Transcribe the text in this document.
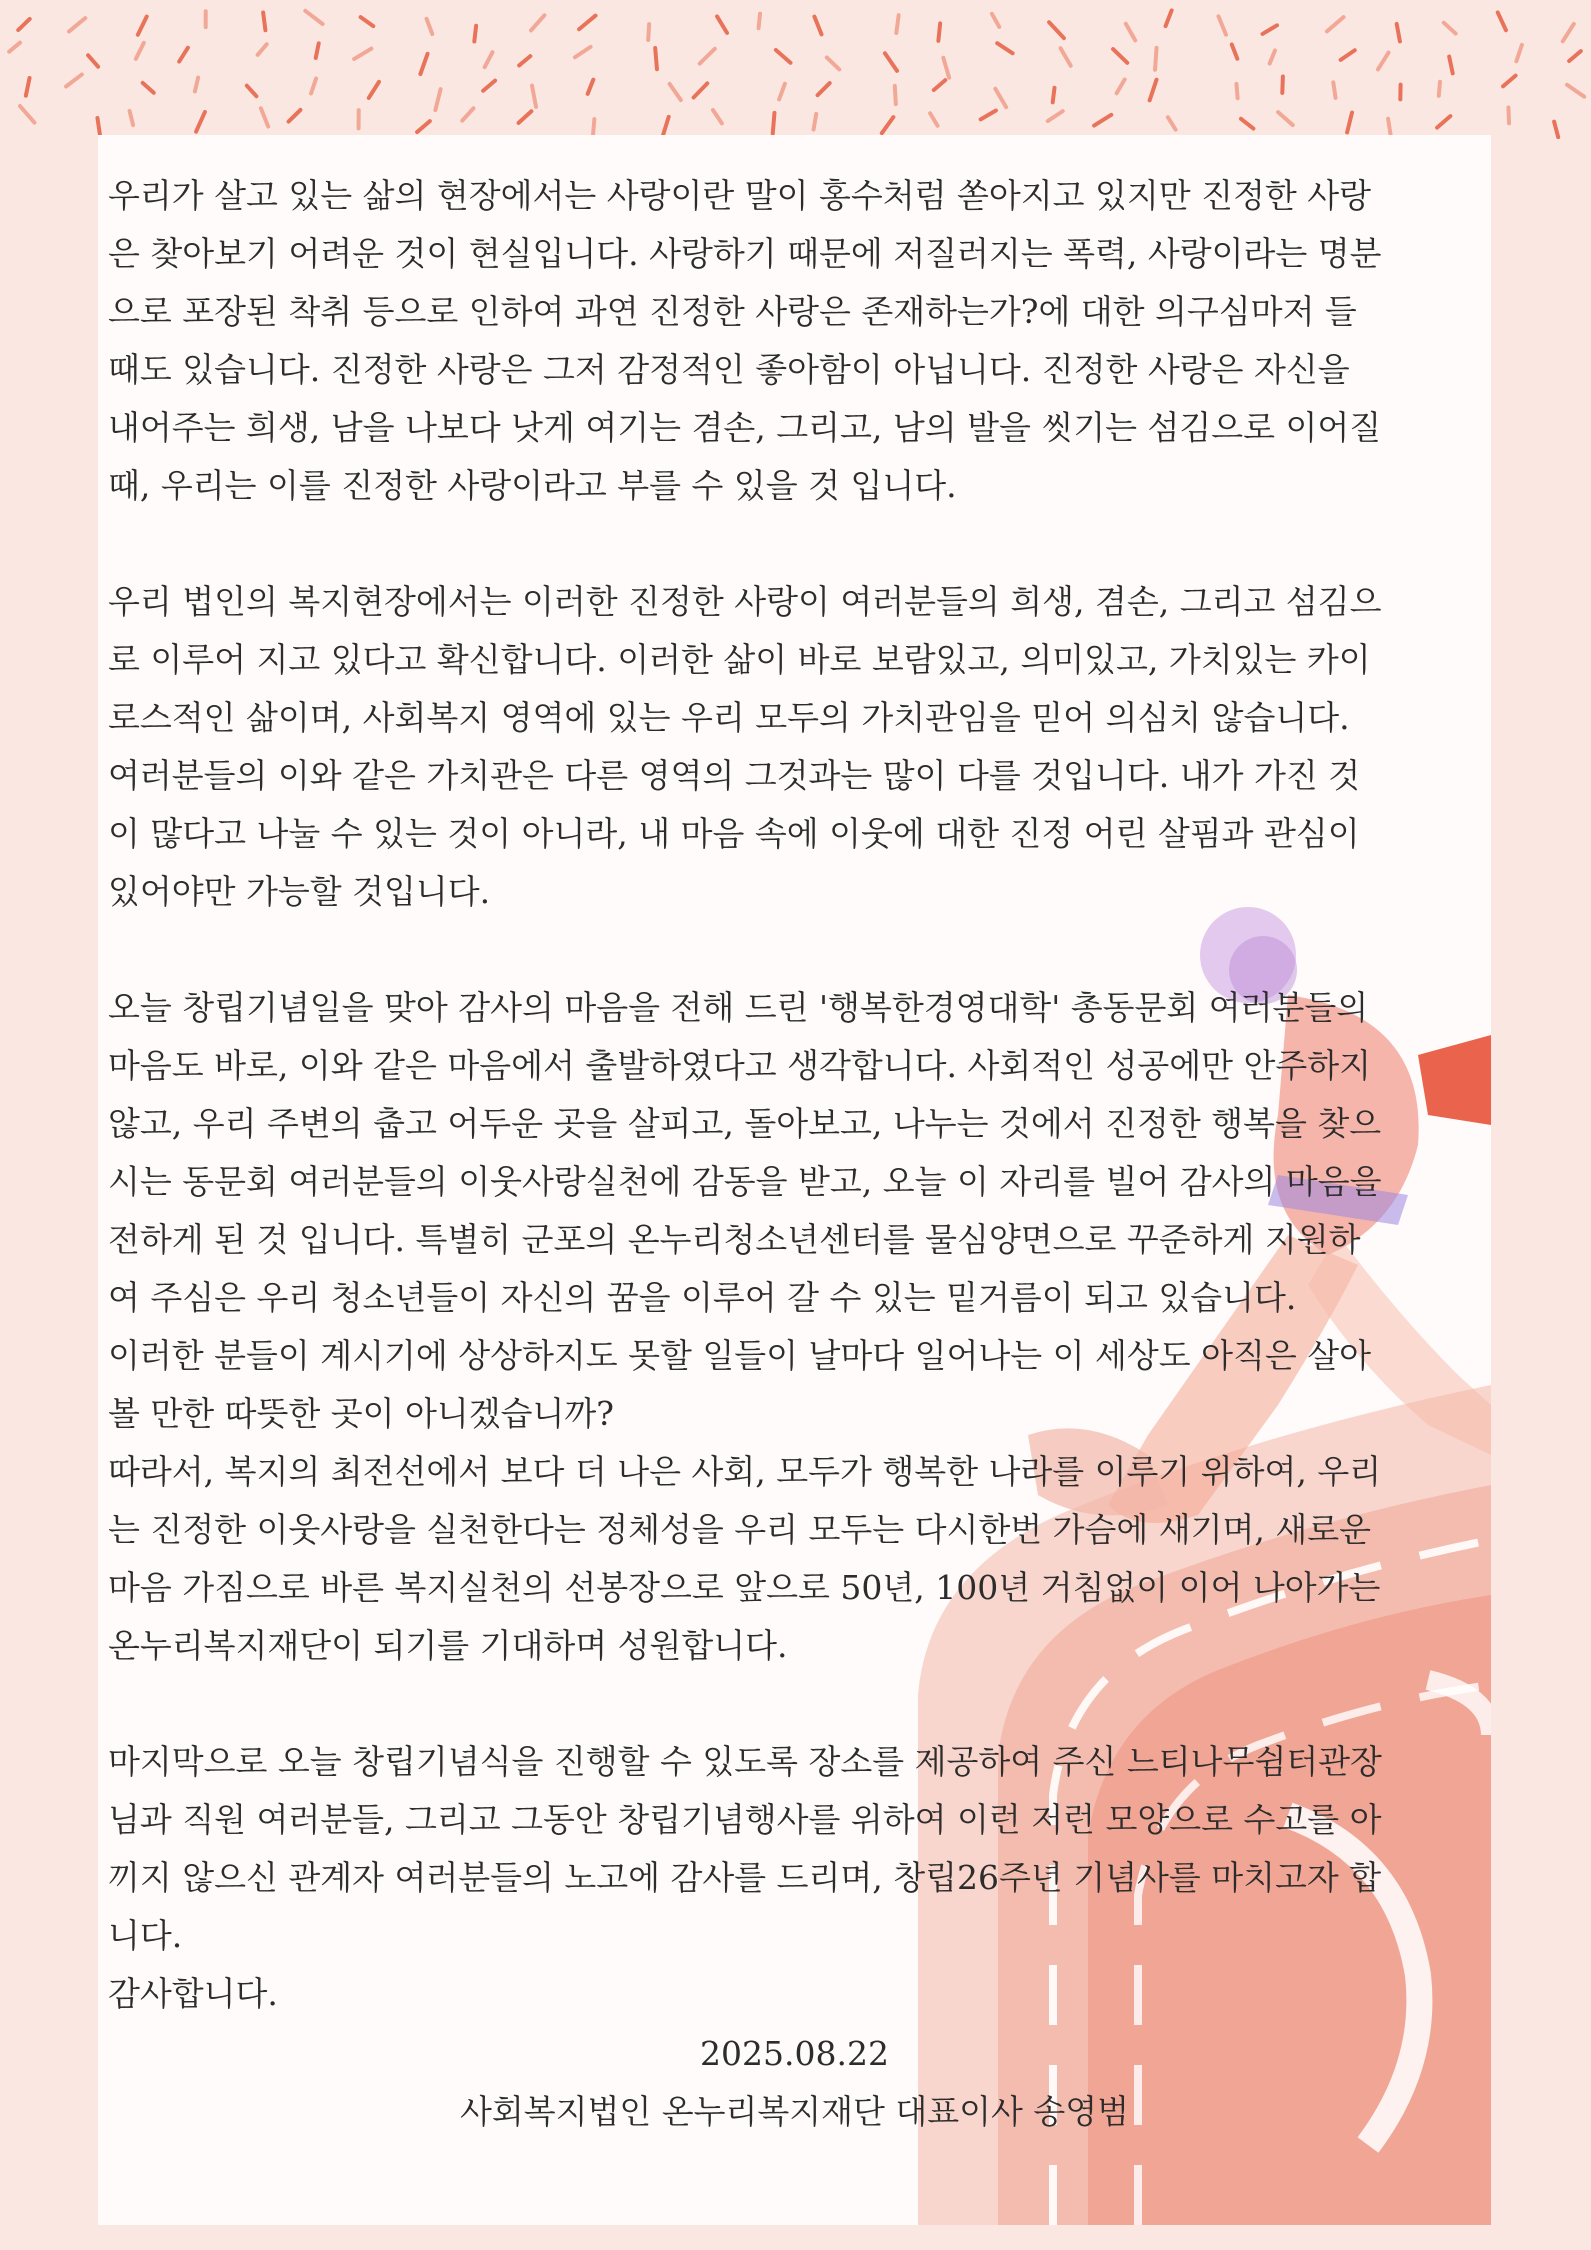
우리가 살고 있는 삶의 현장에서는 사랑이란 말이 홍수처럼 쏟아지고 있지만 진정한 사랑
은 찾아보기 어려운 것이 현실입니다. 사랑하기 때문에 저질러지는 폭력, 사랑이라는 명분
으로 포장된 착취 등으로 인하여 과연 진정한 사랑은 존재하는가?에 대한 의구심마저 들
때도 있습니다. 진정한 사랑은 그저 감정적인 좋아함이 아닙니다. 진정한 사랑은 자신을
내어주는 희생, 남을 나보다 낫게 여기는 겸손, 그리고, 남의 발을 씻기는 섬김으로 이어질
때, 우리는 이를 진정한 사랑이라고 부를 수 있을 것 입니다.

우리 법인의 복지현장에서는 이러한 진정한 사랑이 여러분들의 희생, 겸손, 그리고 섬김으
로 이루어 지고 있다고 확신합니다. 이러한 삶이 바로 보람있고, 의미있고, 가치있는 카이
로스적인 삶이며, 사회복지 영역에 있는 우리 모두의 가치관임을 믿어 의심치 않습니다.
여러분들의 이와 같은 가치관은 다른 영역의 그것과는 많이 다를 것입니다. 내가 가진 것
이 많다고 나눌 수 있는 것이 아니라, 내 마음 속에 이웃에 대한 진정 어린 살핌과 관심이
있어야만 가능할 것입니다.

오늘 창립기념일을 맞아 감사의 마음을 전해 드린 '행복한경영대학' 총동문회 여러분들의
마음도 바로, 이와 같은 마음에서 출발하였다고 생각합니다. 사회적인 성공에만 안주하지
않고, 우리 주변의 춥고 어두운 곳을 살피고, 돌아보고, 나누는 것에서 진정한 행복을 찾으
시는 동문회 여러분들의 이웃사랑실천에 감동을 받고, 오늘 이 자리를 빌어 감사의 마음을
전하게 된 것 입니다. 특별히 군포의 온누리청소년센터를 물심양면으로 꾸준하게 지원하
여 주심은 우리 청소년들이 자신의 꿈을 이루어 갈 수 있는 밑거름이 되고 있습니다.
이러한 분들이 계시기에 상상하지도 못할 일들이 날마다 일어나는 이 세상도 아직은 살아
볼 만한 따뜻한 곳이 아니겠습니까?
따라서, 복지의 최전선에서 보다 더 나은 사회, 모두가 행복한 나라를 이루기 위하여, 우리
는 진정한 이웃사랑을 실천한다는 정체성을 우리 모두는 다시한번 가슴에 새기며, 새로운
마음 가짐으로 바른 복지실천의 선봉장으로 앞으로 50년, 100년 거침없이 이어 나아가는
온누리복지재단이 되기를 기대하며 성원합니다.

마지막으로 오늘 창립기념식을 진행할 수 있도록 장소를 제공하여 주신 느티나무쉼터관장
님과 직원 여러분들, 그리고 그동안 창립기념행사를 위하여 이런 저런 모양으로 수고를 아
끼지 않으신 관계자 여러분들의 노고에 감사를 드리며, 창립26주년 기념사를 마치고자 합
니다.

감사합니다.

2025.08.22
사회복지법인 온누리복지재단 대표이사 송영범
